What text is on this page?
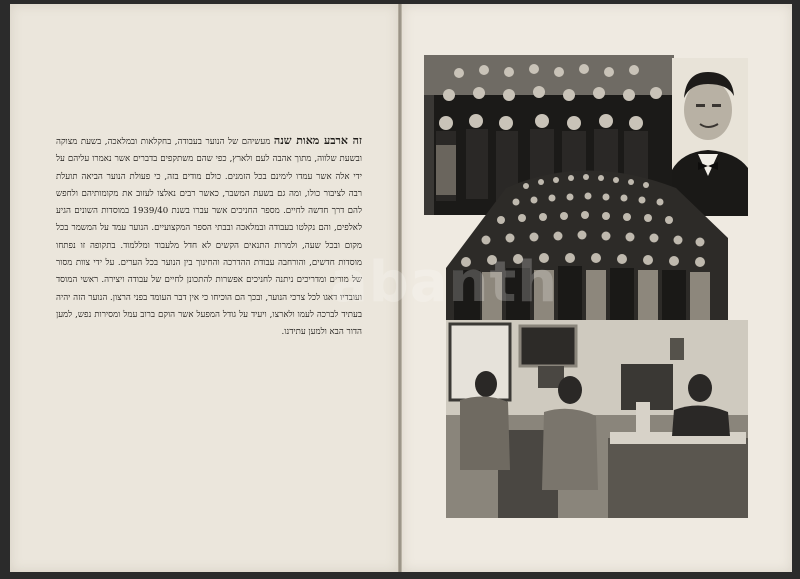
זה ארבע מאות שנה מעשיהם של הנוער בעבודה, בחקלאות ובמלאכה, בשעת מצוקה ובשעת שלווה, מתוך אהבה לעם ולארץ, כפי שהם משתקפים בדברים אשר נאמרו עליהם על ידי אלה אשר עמדו לימינם בכל הזמנים. כולם מודים בזה, כי פעולת הנוער הביאה תועלת רבה לציבור כולו, ומה גם בשעת המשבר, כאשר רבים נאלצו לעזוב את מקומותיהם ולחפש להם דרך חדשה לחיים. מספר החניכים אשר עברו בשנת 1939/40 במוסדות השונים הגיע לאלפים, והם נקלטו בעבודה ובמלאכה ובבתי הספר המקצועיים. הנוער עמד על המשמר בכל מקום ובכל שעה, ולמרות התנאים הקשים לא חדל מלעבוד ומללמוד. בתקופה זו נפתחו מוסדות חדשים, והורחבה עבודת ההדרכה והחינוך בין הנוער בכל הערים. על ידי צוות מסור של מורים ומדריכים ניתנה לחניכים אפשרות להתכונן לחיים של עבודה ויצירה. ראשי המוסד ועובדיו דאגו לכל צרכי הנוער, ובכך הם הוכיחו כי אין דבר העומד בפני הרצון. הנוער הזה יהיה בעתיד לברכה לעמו ולארצו, ויעיד על גודל המפעל אשר הוקם ברוב עמל ומסירות נפש, למען הדור הבא ולמען עתידנו.
abanth
